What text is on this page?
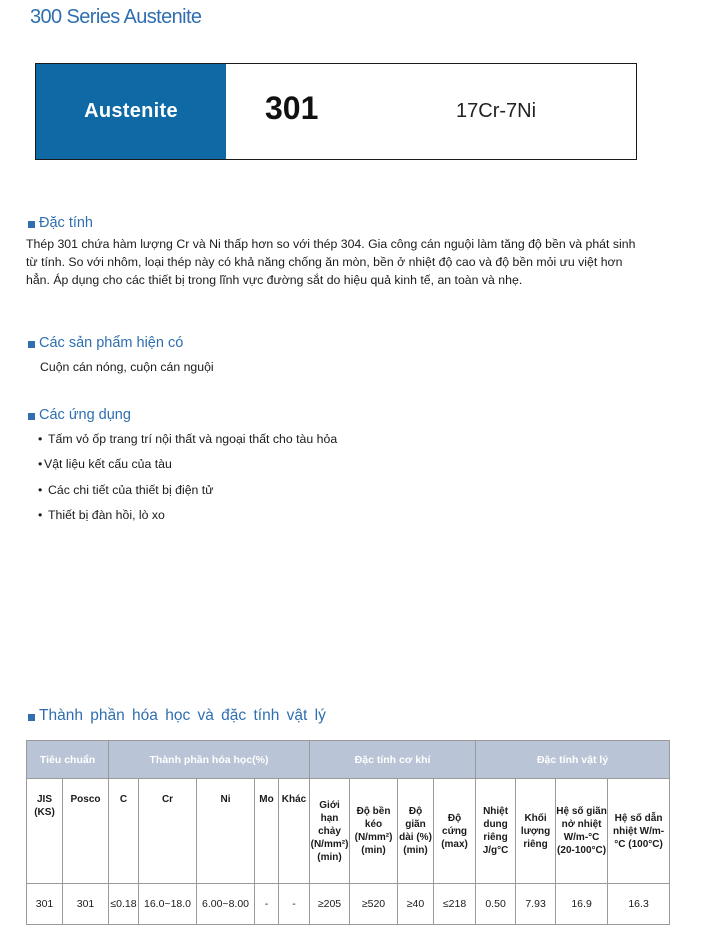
300 Series Austenite
Austenite	301	17Cr-7Ni
Đặc tính
Thép 301 chứa hàm lượng Cr và Ni thấp hơn so với thép 304. Gia công cán nguội làm tăng độ bền và phát sinh từ tính. So với nhôm, loại thép này có khả năng chống ăn mòn, bền ở nhiệt độ cao và độ bền mỏi ưu việt hơn hẳn. Áp dụng cho các thiết bị trong lĩnh vực đường sắt do hiệu quả kinh tế, an toàn và nhẹ.
Các sản phẩm hiện có
Cuộn cán nóng, cuộn cán nguội
Các ứng dụng
• Tấm vỏ ốp trang trí nội thất và ngoại thất cho tàu hỏa
• Vật liệu kết cấu của tàu
• Các chi tiết của thiết bị điện tử
• Thiết bị đàn hồi, lò xo
Thành phần hóa học và đặc tính vật lý
Tiêu chuẩn		Thành phần hóa học(%)					Đặc tính cơ khí				Đặc tính vật lý			
JIS (KS)	Posco	C	Cr	Ni	Mo	Khác	Giới hạn chảy (N/mm²) (min)	Độ bền kéo (N/mm²) (min)	Độ giãn dài (%) (min)	Độ cứng (max)	Nhiệt dung riêng J/g°C	Khối lượng riêng	Hệ số giãn nở nhiệt W/m-°C (20-100°C)	Hệ số dẫn nhiệt W/m-°C (100°C)
301	301	≤0.18	16.0~18.0	6.00~8.00	-	-	≥205	≥520	≥40	≤218	0.50	7.93	16.9	16.3
